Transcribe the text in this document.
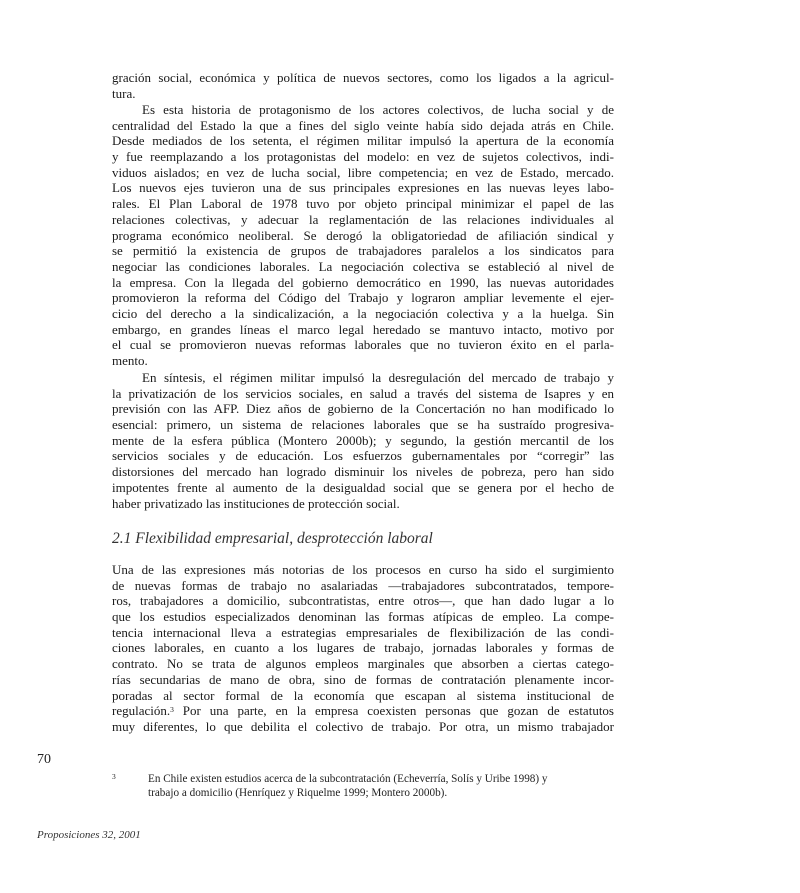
gración social, económica y política de nuevos sectores, como los ligados a la agricul-
tura.
Es esta historia de protagonismo de los actores colectivos, de lucha social y de
centralidad del Estado la que a fines del siglo veinte había sido dejada atrás en Chile.
Desde mediados de los setenta, el régimen militar impulsó la apertura de la economía
y fue reemplazando a los protagonistas del modelo: en vez de sujetos colectivos, indi-
viduos aislados; en vez de lucha social, libre competencia; en vez de Estado, mercado.
Los nuevos ejes tuvieron una de sus principales expresiones en las nuevas leyes labo-
rales. El Plan Laboral de 1978 tuvo por objeto principal minimizar el papel de las
relaciones colectivas, y adecuar la reglamentación de las relaciones individuales al
programa económico neoliberal. Se derogó la obligatoriedad de afiliación sindical y
se permitió la existencia de grupos de trabajadores paralelos a los sindicatos para
negociar las condiciones laborales. La negociación colectiva se estableció al nivel de
la empresa. Con la llegada del gobierno democrático en 1990, las nuevas autoridades
promovieron la reforma del Código del Trabajo y lograron ampliar levemente el ejer-
cicio del derecho a la sindicalización, a la negociación colectiva y a la huelga. Sin
embargo, en grandes líneas el marco legal heredado se mantuvo intacto, motivo por
el cual se promovieron nuevas reformas laborales que no tuvieron éxito en el parla-
mento.
En síntesis, el régimen militar impulsó la desregulación del mercado de trabajo y
la privatización de los servicios sociales, en salud a través del sistema de Isapres y en
previsión con las AFP. Diez años de gobierno de la Concertación no han modificado lo
esencial: primero, un sistema de relaciones laborales que se ha sustraído progresiva-
mente de la esfera pública (Montero 2000b); y segundo, la gestión mercantil de los
servicios sociales y de educación. Los esfuerzos gubernamentales por “corregir” las
distorsiones del mercado han logrado disminuir los niveles de pobreza, pero han sido
impotentes frente al aumento de la desigualdad social que se genera por el hecho de
haber privatizado las instituciones de protección social.
2.1 Flexibilidad empresarial, desprotección laboral
Una de las expresiones más notorias de los procesos en curso ha sido el surgimiento
de nuevas formas de trabajo no asalariadas —trabajadores subcontratados, tempore-
ros, trabajadores a domicilio, subcontratistas, entre otros—, que han dado lugar a lo
que los estudios especializados denominan las formas atípicas de empleo. La compe-
tencia internacional lleva a estrategias empresariales de flexibilización de las condi-
ciones laborales, en cuanto a los lugares de trabajo, jornadas laborales y formas de
contrato. No se trata de algunos empleos marginales que absorben a ciertas catego-
rías secundarias de mano de obra, sino de formas de contratación plenamente incor-
poradas al sector formal de la economía que escapan al sistema institucional de
regulación.$^3$ Por una parte, en la empresa coexisten personas que gozan de estatutos
muy diferentes, lo que debilita el colectivo de trabajo. Por otra, un mismo trabajador
70
3	En Chile existen estudios acerca de la subcontratación (Echeverría, Solís y Uribe 1998) y
trabajo a domicilio (Henríquez y Riquelme 1999; Montero 2000b).
Proposiciones 32, 2001
